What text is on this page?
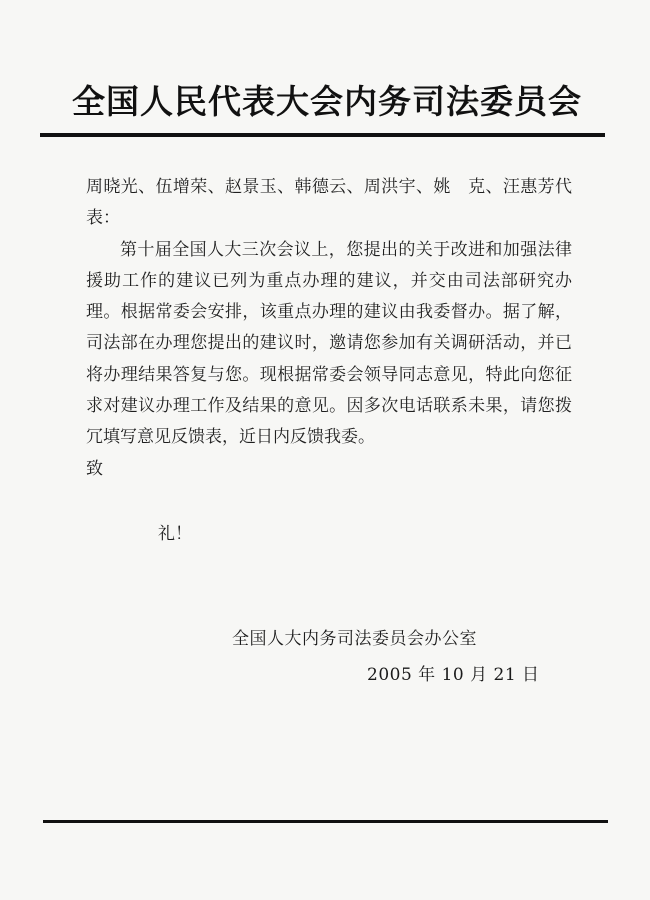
全国人民代表大会内务司法委员会

周晓光、伍增荣、赵景玉、韩德云、周洪宇、姚　克、汪惠芳代表：

第十届全国人大三次会议上，您提出的关于改进和加强法律援助工作的建议已列为重点办理的建议，并交由司法部研究办理。根据常委会安排，该重点办理的建议由我委督办。据了解，司法部在办理您提出的建议时，邀请您参加有关调研活动，并已将办理结果答复与您。现根据常委会领导同志意见，特此向您征求对建议办理工作及结果的意见。因多次电话联系未果，请您拨冗填写意见反馈表，近日内反馈我委。

致

礼！
全国人大内务司法委员会办公室
2005 年 10 月 21 日
